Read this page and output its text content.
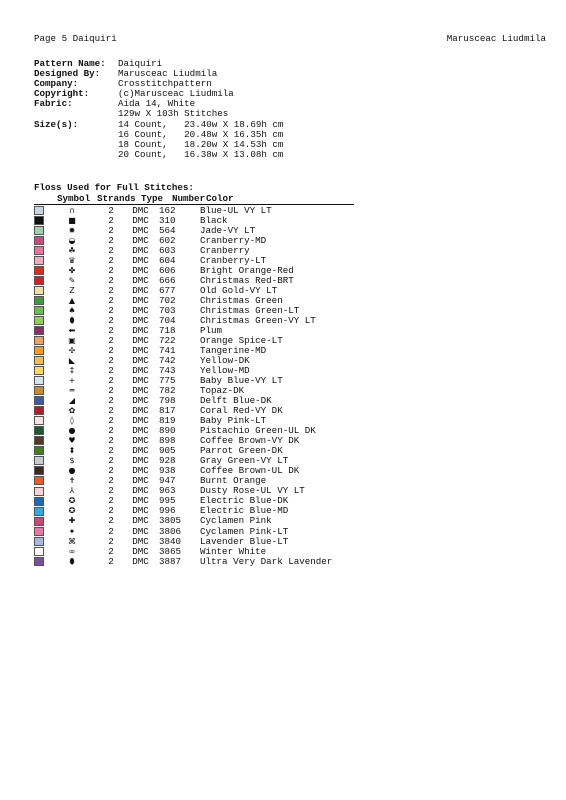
Page 5 Daiquiri	Marusceac Liudmila
Pattern Name:	Daiquiri
Designed By:	Marusceac Liudmila
Company:	Crosstitchpattern
Copyright:	(c)Marusceac Liudmila
Fabric:	Aida 14, White
129w X 103h Stitches
Size(s):	14 Count,   23.40w X 18.69h cm
16 Count,   20.48w X 16.35h cm
18 Count,   18.20w X 14.53h cm
20 Count,   16.38w X 13.08h cm
Floss Used for Full Stitches:
Symbol Strands Type Number Color
∩	2	DMC	162	Blue-UL VY LT
■	2	DMC	310	Black
✹	2	DMC	564	Jade-VY LT
◒	2	DMC	602	Cranberry-MD
☘	2	DMC	603	Cranberry
♛	2	DMC	604	Cranberry-LT
✤	2	DMC	606	Bright Orange-Red
✎	2	DMC	666	Christmas Red-BRT
Z	2	DMC	677	Old Gold-VY LT
▲	2	DMC	702	Christmas Green
♠	2	DMC	703	Christmas Green-LT
⬮	2	DMC	704	Christmas Green-VY LT
⬅	2	DMC	718	Plum
▣	2	DMC	722	Orange Spice-LT
✣	2	DMC	741	Tangerine-MD
◣	2	DMC	742	Yellow-DK
↕	2	DMC	743	Yellow-MD
+	2	DMC	775	Baby Blue-VY LT
═	2	DMC	782	Topaz-DK
◢	2	DMC	798	Delft Blue-DK
✿	2	DMC	817	Coral Red-VY DK
◊	2	DMC	819	Baby Pink-LT
●	2	DMC	890	Pistachio Green-UL DK
♥	2	DMC	898	Coffee Brown-VY DK
⬍	2	DMC	905	Parrot Green-DK
$	2	DMC	928	Gray Green-VY LT
●	2	DMC	938	Coffee Brown-UL DK
✝	2	DMC	947	Burnt Orange
⅄	2	DMC	963	Dusty Rose-UL VY LT
✪	2	DMC	995	Electric Blue-DK
✪	2	DMC	996	Electric Blue-MD
✚	2	DMC	3805	Cyclamen Pink
✦	2	DMC	3806	Cyclamen Pink-LT
⌘	2	DMC	3840	Lavender Blue-LT
∞	2	DMC	3865	Winter White
⬮	2	DMC	3887	Ultra Very Dark Lavender
